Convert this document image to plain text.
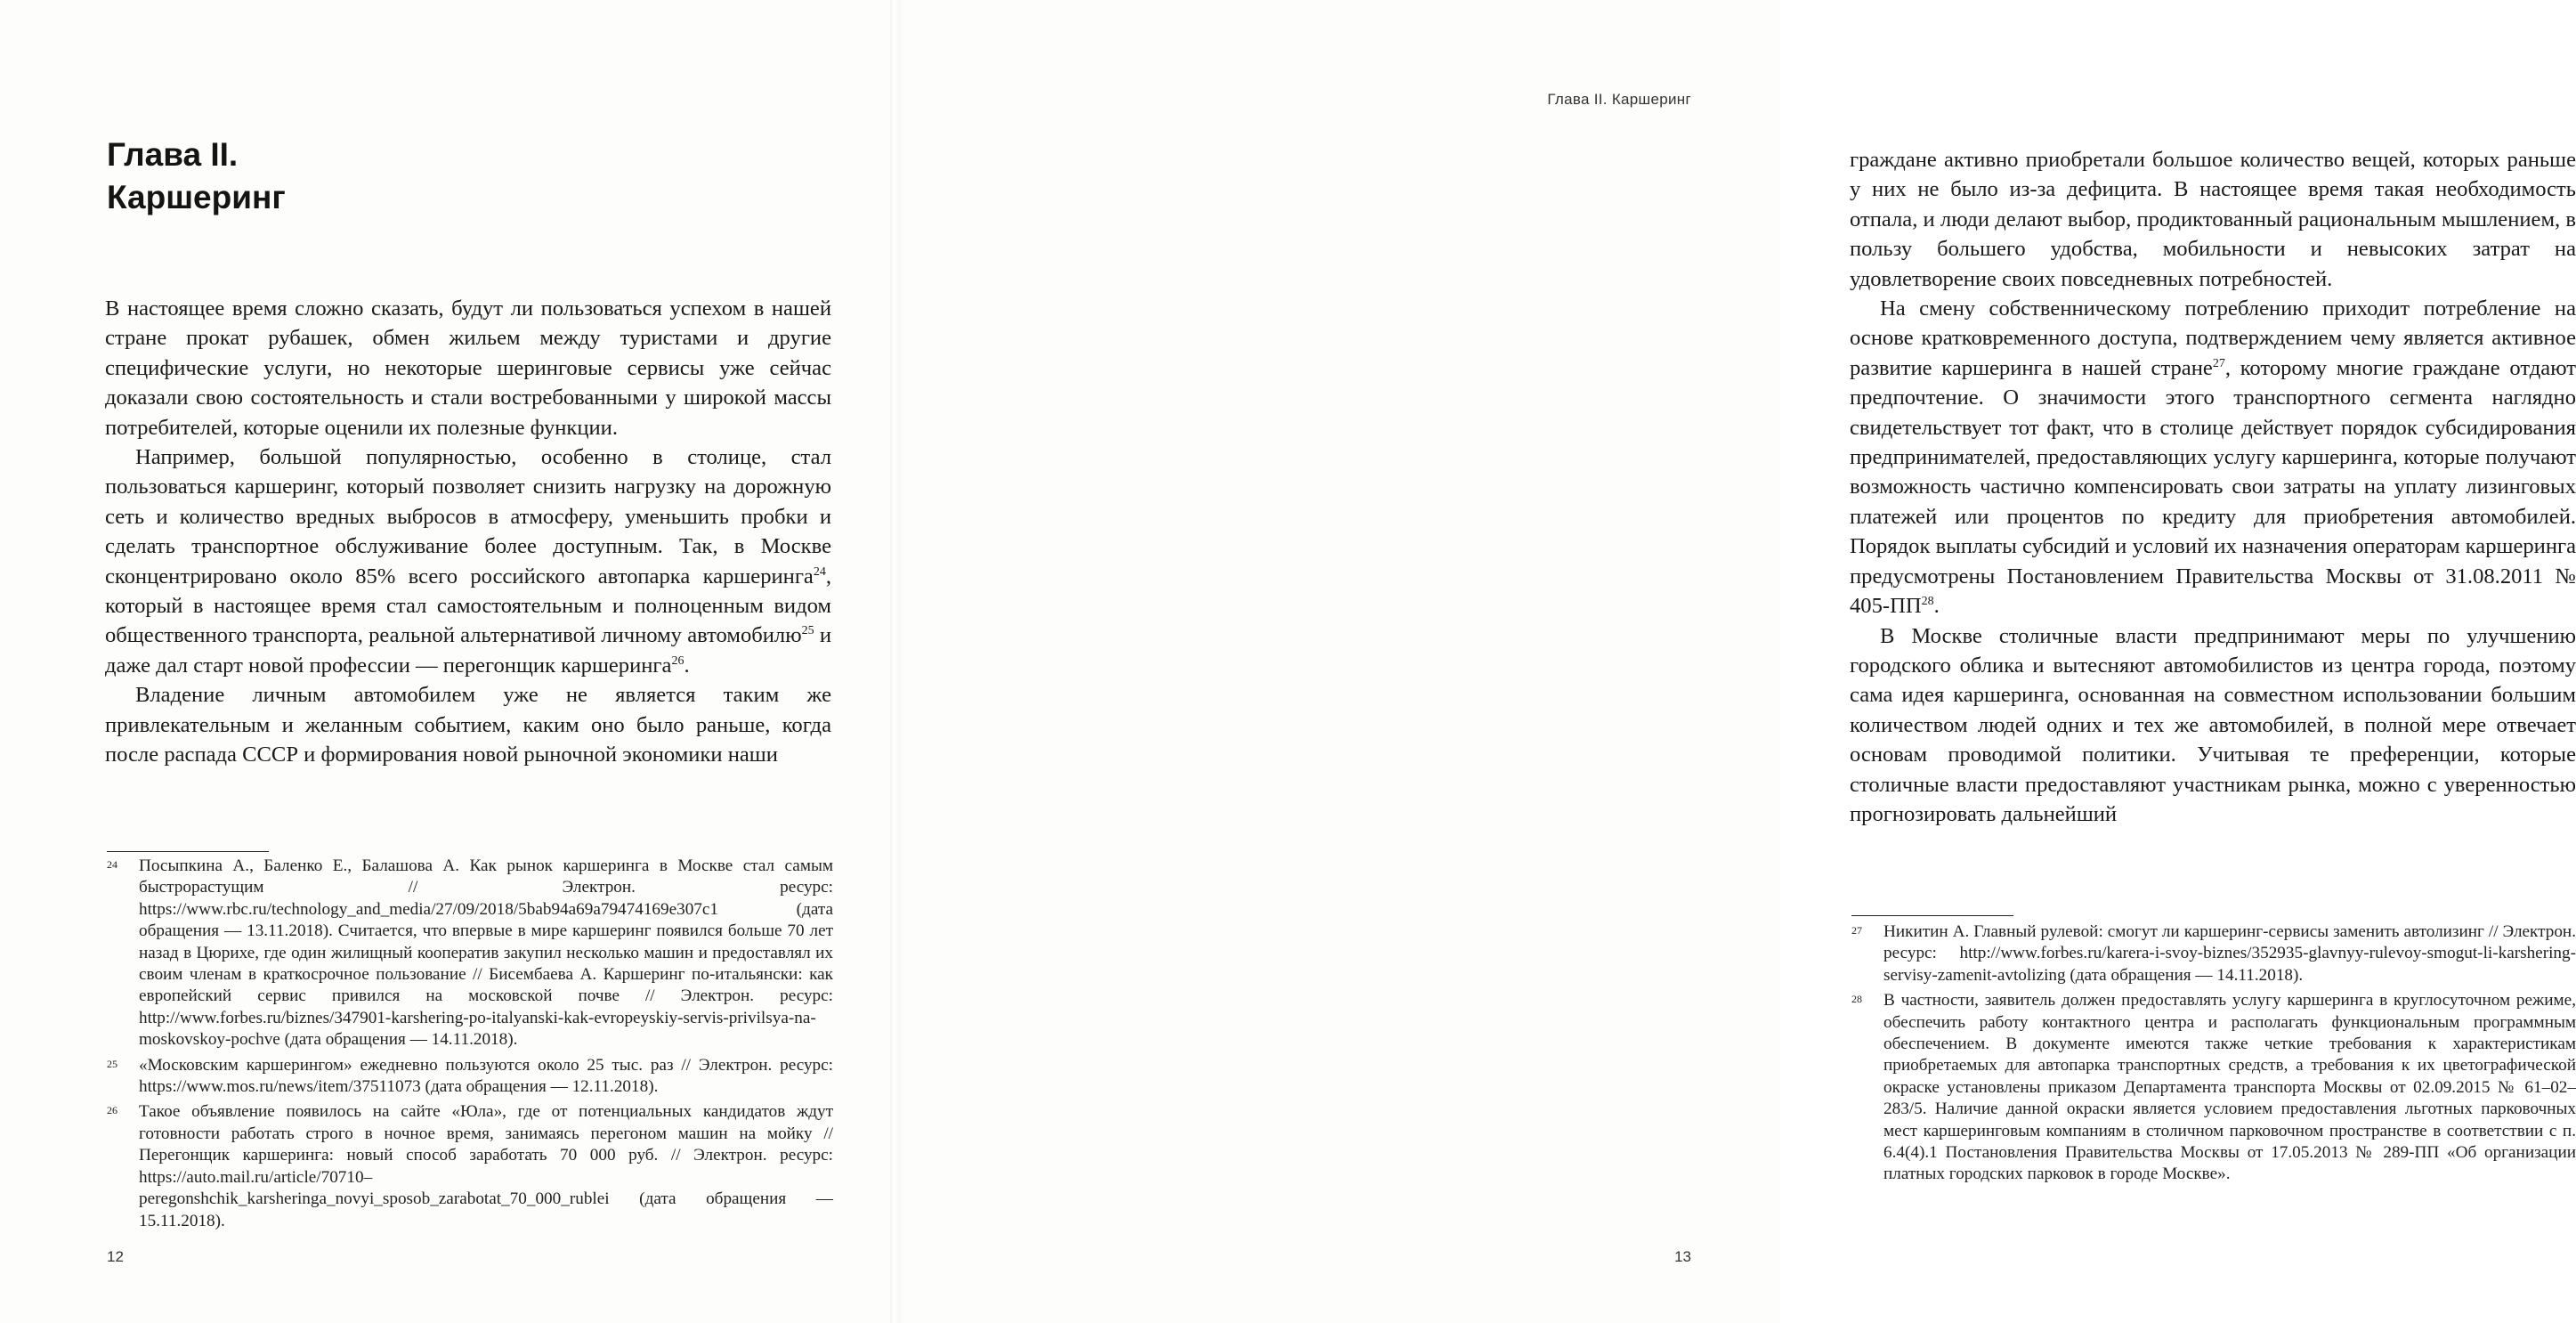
Глава II.
Каршеринг

В настоящее время сложно сказать, будут ли пользоваться успехом в нашей стране прокат рубашек, обмен жильем между туристами и другие специфические услуги, но некоторые шеринговые сервисы уже сейчас доказали свою состоятельность и стали востребованными у широкой массы потребителей, которые оценили их полезные функции.

Например, большой популярностью, особенно в столице, стал пользоваться каршеринг, который позволяет снизить нагрузку на дорожную сеть и количество вредных выбросов в атмосферу, уменьшить пробки и сделать транспортное обслуживание более доступным. Так, в Москве сконцентрировано около 85% всего российского автопарка каршеринга$^{24}$, который в настоящее время стал самостоятельным и полноценным видом общественного транспорта, реальной альтернативой личному автомобилю$^{25}$ и даже дал старт новой профессии — перегонщик каршеринга$^{26}$.

Владение личным автомобилем уже не является таким же привлекательным и желанным событием, каким оно было раньше, когда после распада СССР и формирования новой рыночной экономики наши

24 Посыпкина А., Баленко Е., Балашова А. Как рынок каршеринга в Москве стал самым быстрорастущим // Электрон. ресурс: https://www.rbc.ru/technology_and_media/27/09/2018/5bab94a69a79474169e307c1 (дата обращения — 13.11.2018). Считается, что впервые в мире каршеринг появился больше 70 лет назад в Цюрихе, где один жилищный кооператив закупил несколько машин и предоставлял их своим членам в краткосрочное пользование // Бисембаева А. Каршеринг по-итальянски: как европейский сервис привился на московской почве // Электрон. ресурс: http://www.forbes.ru/biznes/347901-karshering-po-italyanski-kak-evropeyskiy-servis-privilsya-na-moskovskoy-pochve (дата обращения — 14.11.2018).
25 «Московским каршерингом» ежедневно пользуются около 25 тыс. раз // Электрон. ресурс: https://www.mos.ru/news/item/37511073 (дата обращения — 12.11.2018).
26 Такое объявление появилось на сайте «Юла», где от потенциальных кандидатов ждут готовности работать строго в ночное время, занимаясь перегоном машин на мойку // Перегонщик каршеринга: новый способ заработать 70 000 руб. // Электрон. ресурс: https://auto.mail.ru/article/70710–peregonshchik_karsheringa_novyi_sposob_zarabotat_70_000_rublei (дата обращения — 15.11.2018).
12
Глава II. Каршеринг

граждане активно приобретали большое количество вещей, которых раньше у них не было из-за дефицита. В настоящее время такая необходимость отпала, и люди делают выбор, продиктованный рациональным мышлением, в пользу большего удобства, мобильности и невысоких затрат на удовлетворение своих повседневных потребностей.

На смену собственническому потреблению приходит потребление на основе кратковременного доступа, подтверждением чему является активное развитие каршеринга в нашей стране$^{27}$, которому многие граждане отдают предпочтение. О значимости этого транспортного сегмента наглядно свидетельствует тот факт, что в столице действует порядок субсидирования предпринимателей, предоставляющих услугу каршеринга, которые получают возможность частично компенсировать свои затраты на уплату лизинговых платежей или процентов по кредиту для приобретения автомобилей. Порядок выплаты субсидий и условий их назначения операторам каршеринга предусмотрены Постановлением Правительства Москвы от 31.08.2011 № 405-ПП$^{28}$.

В Москве столичные власти предпринимают меры по улучшению городского облика и вытесняют автомобилистов из центра города, поэтому сама идея каршеринга, основанная на совместном использовании большим количеством людей одних и тех же автомобилей, в полной мере отвечает основам проводимой политики. Учитывая те преференции, которые столичные власти предоставляют участникам рынка, можно с уверенностью прогнозировать дальнейший

27 Никитин А. Главный рулевой: смогут ли каршеринг-сервисы заменить автолизинг // Электрон. ресурс: http://www.forbes.ru/karera-i-svoy-biznes/352935-glavnyy-rulevoy-smogut-li-karshering-servisy-zamenit-avtolizing (дата обращения — 14.11.2018).
28 В частности, заявитель должен предоставлять услугу каршеринга в круглосуточном режиме, обеспечить работу контактного центра и располагать функциональным программным обеспечением. В документе имеются также четкие требования к характеристикам приобретаемых для автопарка транспортных средств, а требования к их цветографической окраске установлены приказом Департамента транспорта Москвы от 02.09.2015 № 61–02–283/5. Наличие данной окраски является условием предоставления льготных парковочных мест каршеринговым компаниям в столичном парковочном пространстве в соответствии с п. 6.4(4).1 Постановления Правительства Москвы от 17.05.2013 № 289-ПП «Об организации платных городских парковок в городе Москве».
13
